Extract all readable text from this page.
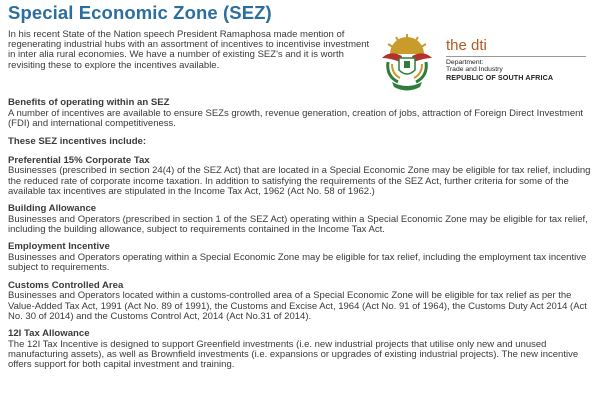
Special Economic Zone (SEZ)

In his recent State of the Nation speech President Ramaphosa made mention of regenerating industrial hubs with an assortment of incentives to incentivise investment in inter alia rural economies. We have a number of existing SEZ's and it is worth revisiting these to explore the incentives available.

the dti
Department:
Trade and Industry
REPUBLIC OF SOUTH AFRICA

Benefits of operating within an SEZ

A number of incentives are available to ensure SEZs growth, revenue generation, creation of jobs, attraction of Foreign Direct Investment (FDI) and international competitiveness.

These SEZ incentives include:

Preferential 15% Corporate Tax

Businesses (prescribed in section 24(4) of the SEZ Act) that are located in a Special Economic Zone may be eligible for tax relief, including the reduced rate of corporate income taxation. In addition to satisfying the requirements of the SEZ Act, further criteria for some of the available tax incentives are stipulated in the Income Tax Act, 1962 (Act No. 58 of 1962.)

Building Allowance

Businesses and Operators (prescribed in section 1 of the SEZ Act) operating within a Special Economic Zone may be eligible for tax relief, including the building allowance, subject to requirements contained in the Income Tax Act.

Employment Incentive

Businesses and Operators operating within a Special Economic Zone may be eligible for tax relief, including the employment tax incentive subject to requirements.

Customs Controlled Area

Businesses and Operators located within a customs-controlled area of a Special Economic Zone will be eligible for tax relief as per the Value-Added Tax Act, 1991 (Act No. 89 of 1991), the Customs and Excise Act, 1964 (Act No. 91 of 1964), the Customs Duty Act 2014 (Act No. 30 of 2014) and the Customs Control Act, 2014 (Act No.31 of 2014).

12I Tax Allowance

The 12I Tax Incentive is designed to support Greenfield investments (i.e. new industrial projects that utilise only new and unused manufacturing assets), as well as Brownfield investments (i.e. expansions or upgrades of existing industrial projects). The new incentive offers support for both capital investment and training.
